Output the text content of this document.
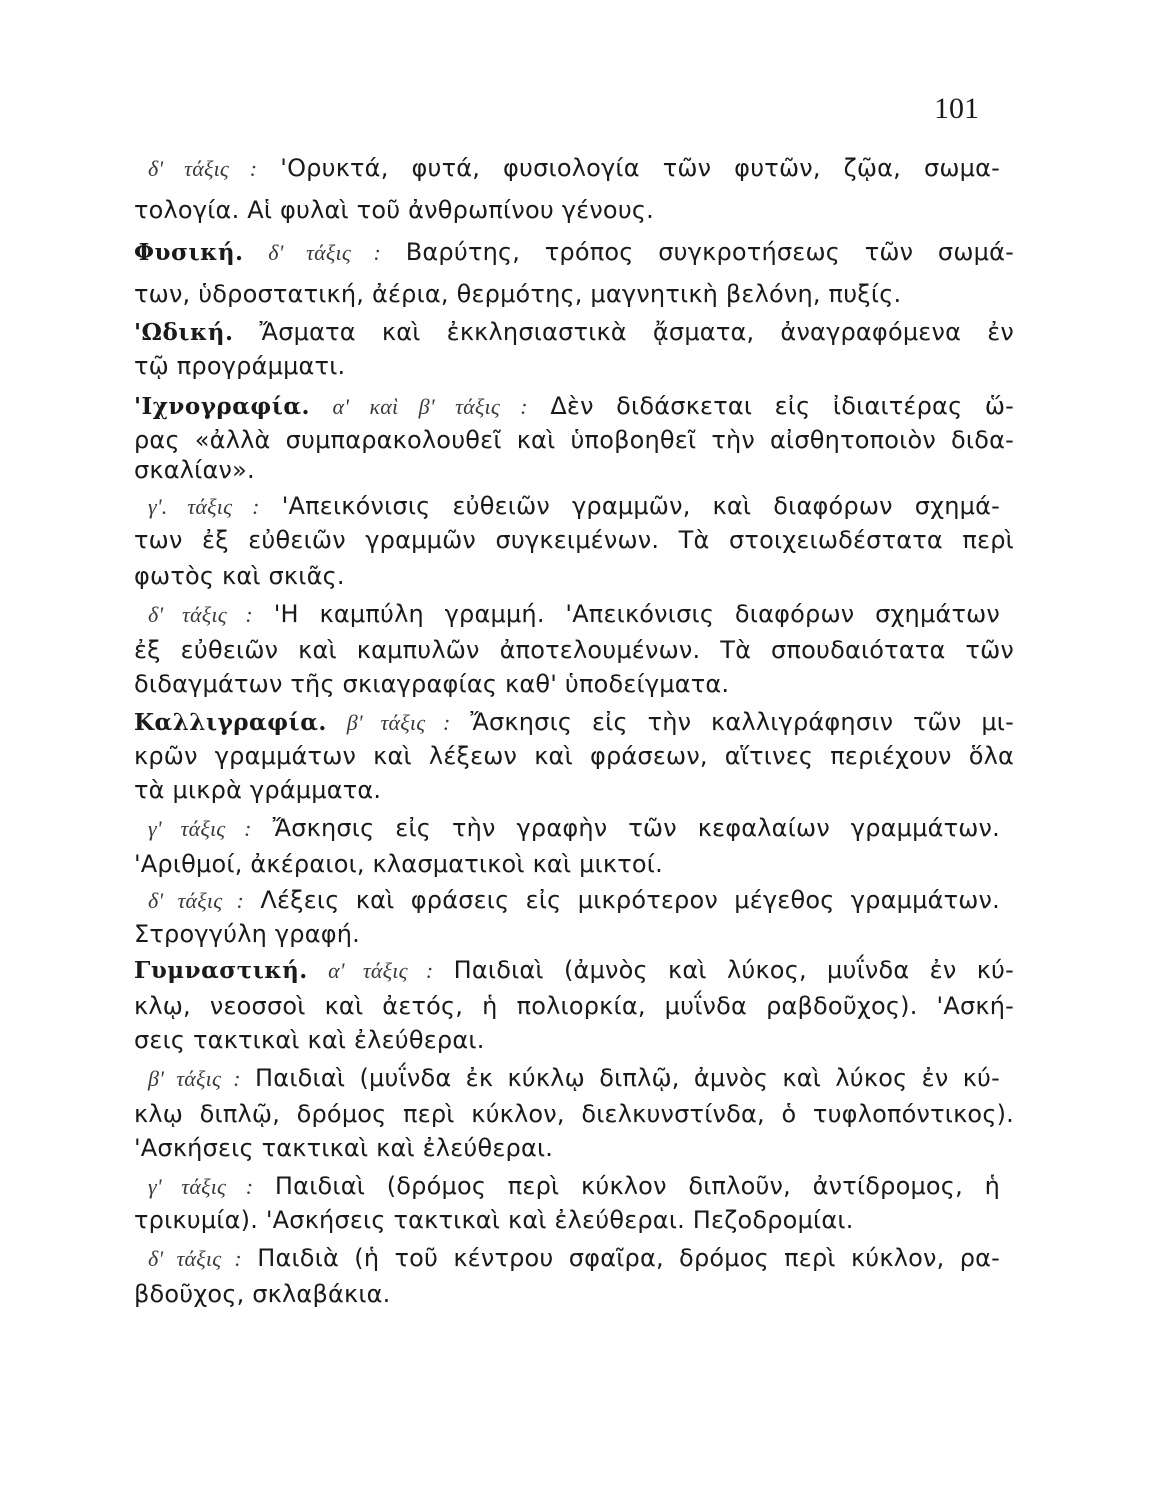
101
δ' τάξις : 'Ορυκτά, φυτά, φυσιολογία τῶν φυτῶν, ζῷα, σωμα-
τολογία. Αἱ φυλαὶ τοῦ ἀνθρωπίνου γένους.
Φυσική. δ' τάξις : Βαρύτης, τρόπος συγκροτήσεως τῶν σωμά-
των, ὑδροστατική, ἀέρια, θερμότης, μαγνητικὴ βελόνη, πυξίς.
'Ωδική. Ἄσματα καὶ ἐκκλησιαστικὰ ᾄσματα, ἀναγραφόμενα ἐν
τῷ προγράμματι.
'Ιχνογραφία. α' καὶ β' τάξις : Δὲν διδάσκεται εἰς ἰδιαιτέρας ὥ-
ρας «ἀλλὰ συμπαρακολουθεῖ καὶ ὑποβοηθεῖ τὴν αἰσθητοποιὸν διδα-
σκαλίαν».
γ'. τάξις : 'Απεικόνισις εὐθειῶν γραμμῶν, καὶ διαφόρων σχημά-
των ἐξ εὐθειῶν γραμμῶν συγκειμένων. Τὰ στοιχειωδέστατα περὶ
φωτὸς καὶ σκιᾶς.
δ' τάξις : 'Η καμπύλη γραμμή. 'Απεικόνισις διαφόρων σχημάτων
ἐξ εὐθειῶν καὶ καμπυλῶν ἀποτελουμένων. Τὰ σπουδαιότατα τῶν
διδαγμάτων τῆς σκιαγραφίας καθ' ὑποδείγματα.
Καλλιγραφία. β' τάξις : Ἄσκησις εἰς τὴν καλλιγράφησιν τῶν μι-
κρῶν γραμμάτων καὶ λέξεων καὶ φράσεων, αἵτινες περιέχουν ὅλα
τὰ μικρὰ γράμματα.
γ' τάξις : Ἄσκησις εἰς τὴν γραφὴν τῶν κεφαλαίων γραμμάτων.
'Αριθμοί, ἀκέραιοι, κλασματικοὶ καὶ μικτοί.
δ' τάξις : Λέξεις καὶ φράσεις εἰς μικρότερον μέγεθος γραμμάτων.
Στρογγύλη γραφή.
Γυμναστική. α' τάξις : Παιδιαὶ (ἀμνὸς καὶ λύκος, μυΐνδα ἐν κύ-
κλῳ, νεοσσοὶ καὶ ἀετός, ἡ πολιορκία, μυΐνδα ραβδοῦχος). 'Ασκή-
σεις τακτικαὶ καὶ ἐλεύθεραι.
β' τάξις : Παιδιαὶ (μυΐνδα ἐκ κύκλῳ διπλῷ, ἀμνὸς καὶ λύκος ἐν κύ-
κλῳ διπλῷ, δρόμος περὶ κύκλον, διελκυνστίνδα, ὁ τυφλοπόντικος).
'Ασκήσεις τακτικαὶ καὶ ἐλεύθεραι.
γ' τάξις : Παιδιαὶ (δρόμος περὶ κύκλον διπλοῦν, ἀντίδρομος, ἡ
τρικυμία). 'Ασκήσεις τακτικαὶ καὶ ἐλεύθεραι. Πεζοδρομίαι.
δ' τάξις : Παιδιὰ (ἡ τοῦ κέντρου σφαῖρα, δρόμος περὶ κύκλον, ρα-
βδοῦχος, σκλαβάκια.
